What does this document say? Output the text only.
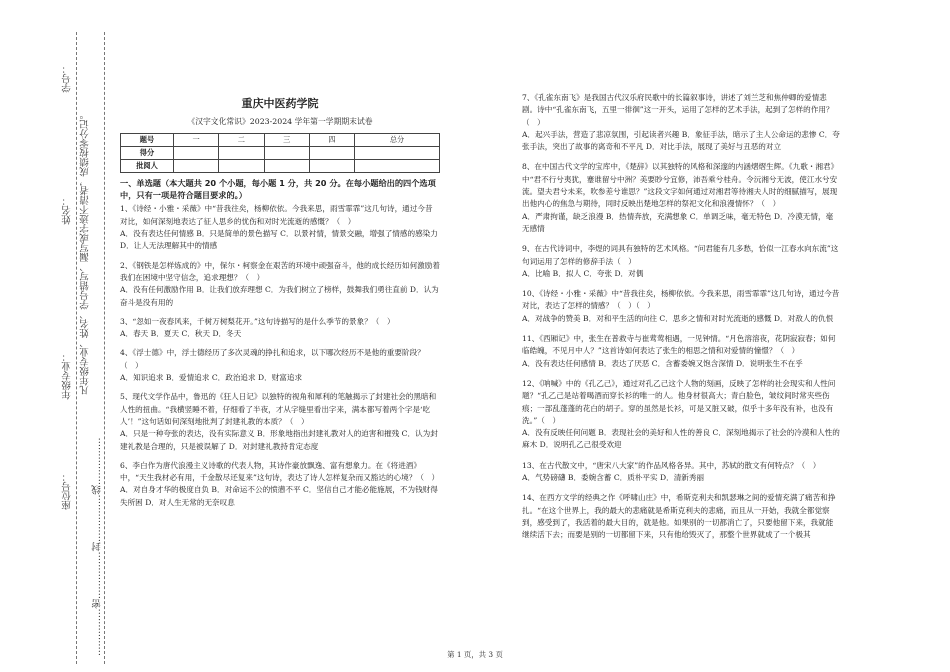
学号：
姓名：
年级专业：
座位号： ……………密……………封……………线……………
凡年级专业、姓名、学号错写、漏写或字迹不清者，成绩按零分记。
重庆中医药学院
《汉字文化常识》2023-2024 学年第一学期期末试卷
题号	一	二	三	四	总分
得分					
批阅人					
一、单选题（本大题共 20 个小题，每小题 1 分，共 20 分。在每小题给出的四个选项中，只有一项是符合题目要求的。）

1、《诗经・小雅・采薇》中“昔我往矣，杨柳依依。今我来思，雨雪霏霏”这几句诗，通过今昔对比，如何深刻地表达了征人思乡的忧伤和对时光流逝的感慨？（　）

A．没有表达任何情感 B．只是简单的景色描写 C．以景衬情，情景交融，增强了情感的感染力 D．让人无法理解其中的情感

2、《钢铁是怎样炼成的》中，保尔・柯察金在艰苦的环境中顽强奋斗，他的成长经历如何激励着我们在困境中坚守信念，追求理想？（　）

A．没有任何激励作用 B．让我们放弃理想 C．为我们树立了榜样，鼓舞我们勇往直前 D．认为奋斗是没有用的

3、“忽如一夜春风来，千树万树梨花开。”这句诗描写的是什么季节的景象？（　）

A．春天 B．夏天 C．秋天 D．冬天

4、《浮士德》中，浮士德经历了多次灵魂的挣扎和追求，以下哪次经历不是他的重要阶段？（　）

A．知识追求 B．爱情追求 C．政治追求 D．财富追求

5、现代文学作品中，鲁迅的《狂人日记》以独特的视角和犀利的笔触揭示了封建社会的黑暗和人性的扭曲。“我横竖睡不着，仔细看了半夜，才从字缝里看出字来，满本都写着两个字是‘吃人’！”这句话如何深刻地批判了封建礼教的本质？（　）

A．只是一种夸张的表达，没有实际意义 B．形象地指出封建礼教对人的迫害和摧残 C．认为封建礼教是合理的，只是被误解了 D．对封建礼教持肯定态度

6、李白作为唐代浪漫主义诗歌的代表人物，其诗作豪放飘逸、富有想象力。在《将进酒》中，“天生我材必有用，千金散尽还复来”这句诗，表达了诗人怎样复杂而又豁达的心境？（　）

A．对自身才华的极度自负 B．对命运不公的愤懑不平 C．坚信自己才能必能施展，不为钱财得失所困 D．对人生无常的无奈叹息

7、《孔雀东南飞》是我国古代汉乐府民歌中的长篇叙事诗，讲述了刘兰芝和焦仲卿的爱情悲剧。诗中“孔雀东南飞，五里一徘徊”这一开头，运用了怎样的艺术手法，起到了怎样的作用？（　）

A．起兴手法，营造了悲凉氛围，引起读者兴趣 B．象征手法，暗示了主人公命运的悲惨 C．夸张手法，突出了故事的离奇和不平凡 D．对比手法，展现了美好与丑恶的对立

8、在中国古代文学的宝库中，《楚辞》以其独特的风格和深邃的内涵熠熠生辉。《九歌・湘君》中“君不行兮夷犹，蹇谁留兮中洲？美要眇兮宜修，沛吾乘兮桂舟。令沅湘兮无波，使江水兮安流。望夫君兮未来，吹参差兮谁思？”这段文字如何通过对湘君等待湘夫人时的细腻描写，展现出他内心的焦急与期待，同时反映出楚地怎样的祭祀文化和浪漫情怀？（　）

A．严肃拘谨，缺乏浪漫 B．热情奔放，充满想象 C．单调乏味，毫无特色 D．冷漠无情，毫无感情

9、在古代诗词中，李煜的词具有独特的艺术风格。“问君能有几多愁，恰似一江春水向东流”这句词运用了怎样的修辞手法（　）

A．比喻 B．拟人 C．夸张 D．对偶

10、《诗经・小雅・采薇》中“昔我往矣，杨柳依依。今我来思，雨雪霏霏”这几句诗，通过今昔对比，表达了怎样的情感？（　）（　）

A．对战争的赞美 B．对和平生活的向往 C．思乡之情和对时光流逝的感慨 D．对敌人的仇恨

11、《西厢记》中，张生在普救寺与崔莺莺相遇，一见钟情。“月色溶溶夜，花阴寂寂春；如何临皓魄，不见月中人？”这首诗如何表达了张生的相思之情和对爱情的憧憬？（　）

A．没有表达任何感情 B．表达了厌恶 C．含蓄委婉又饱含深情 D．说明张生不在乎

12、《呐喊》中的《孔乙己》，通过对孔乙己这个人物的刻画，反映了怎样的社会现实和人性问题？“孔乙己是站着喝酒而穿长衫的唯一的人。他身材很高大；青白脸色，皱纹间时常夹些伤痕；一部乱蓬蓬的花白的胡子。穿的虽然是长衫，可是又脏又破，似乎十多年没有补，也没有洗。”（　）

A．没有反映任何问题 B．表现社会的美好和人性的善良 C．深刻地揭示了社会的冷漠和人性的麻木 D．说明孔乙己很受欢迎

13、在古代散文中，“唐宋八大家”的作品风格各异。其中，苏轼的散文有何特点？（　）

A．气势磅礴 B．委婉含蓄 C．质朴平实 D．清新秀丽

14、在西方文学的经典之作《呼啸山庄》中，希斯克利夫和凯瑟琳之间的爱情充满了痛苦和挣扎。“在这个世界上，我的最大的悲痛就是希斯克利夫的悲痛，而且从一开始，我就全都觉察到，感受到了，我活着的最大目的，就是他。如果别的一切都消亡了，只要他留下来，我就能继续活下去；而要是别的一切都留下来，只有他给毁灭了，那整个世界就成了一个极其

第 1 页，共 3 页
